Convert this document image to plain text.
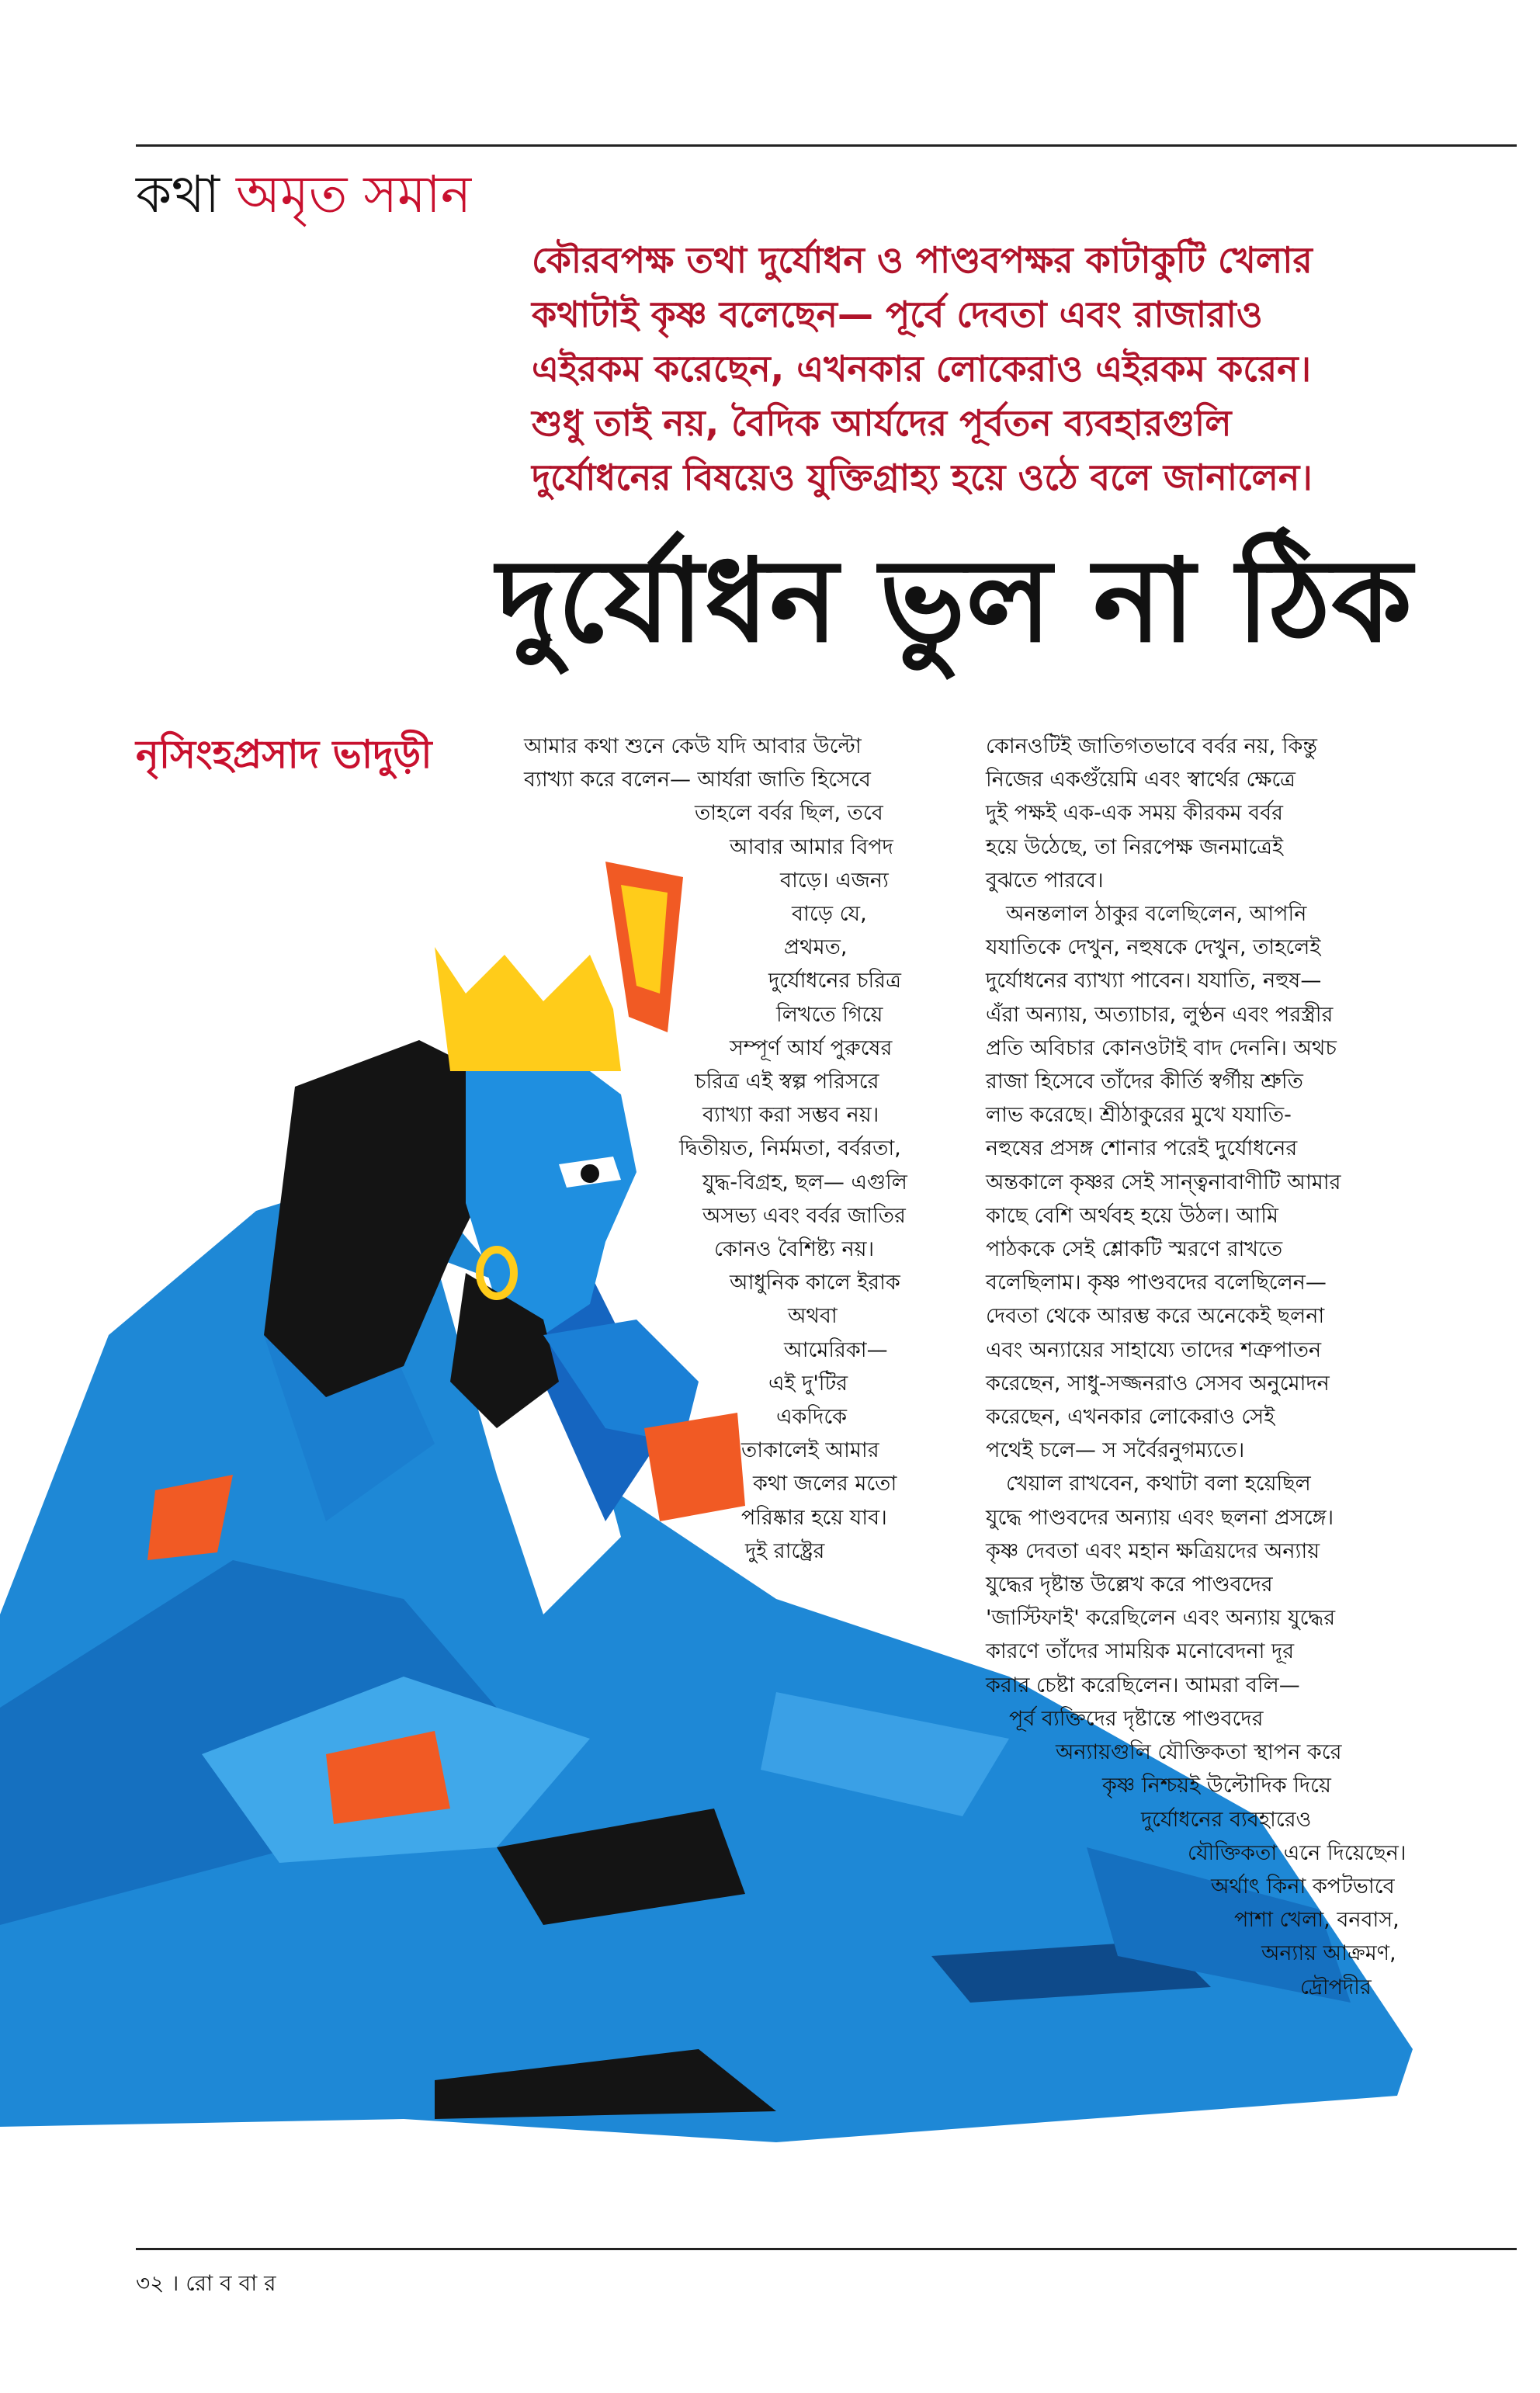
কথা অমৃত সমান

কৌরবপক্ষ তথা দুর্যোধন ও পাণ্ডবপক্ষর কাটাকুটি খেলার
কথাটাই কৃষ্ণ বলেছেন— পূর্বে দেবতা এবং রাজারাও
এইরকম করেছেন, এখনকার লোকেরাও এইরকম করেন।
শুধু তাই নয়, বৈদিক আর্যদের পূর্বতন ব্যবহারগুলি
দুর্যোধনের বিষয়েও যুক্তিগ্রাহ্য হয়ে ওঠে বলে জানালেন।

দুর্যোধন ভুল না ঠিক
নৃসিংহপ্রসাদ ভাদুড়ী	আমার কথা শুনে কেউ যদি আবার উল্টো
ব্যাখ্যা করে বলেন— আর্যরা জাতি হিসেবে
তাহলে বর্বর ছিল, তবে
আবার আমার বিপদ
বাড়ে। এজন্য
বাড়ে যে,
প্রথমত,
দুর্যোধনের চরিত্র
লিখতে গিয়ে
সম্পূর্ণ আর্য পুরুষের
চরিত্র এই স্বল্প পরিসরে
ব্যাখ্যা করা সম্ভব নয়।
দ্বিতীয়ত, নির্মমতা, বর্বরতা,
যুদ্ধ-বিগ্রহ, ছল— এগুলি
অসভ্য এবং বর্বর জাতির
কোনও বৈশিষ্ট্য নয়।
আধুনিক কালে ইরাক
অথবা
আমেরিকা—
এই দু'টির
একদিকে
তাকালেই আমার
কথা জলের মতো
পরিষ্কার হয়ে যাব।
দুই রাষ্ট্রের

কোনওটিই জাতিগতভাবে বর্বর নয়, কিন্তু
নিজের একগুঁয়েমি এবং স্বার্থের ক্ষেত্রে
দুই পক্ষই এক-এক সময় কীরকম বর্বর
হয়ে উঠেছে, তা নিরপেক্ষ জনমাত্রেই
বুঝতে পারবে।
অনন্তলাল ঠাকুর বলেছিলেন, আপনি
যযাতিকে দেখুন, নহুষকে দেখুন, তাহলেই
দুর্যোধনের ব্যাখ্যা পাবেন। যযাতি, নহুষ—
এঁরা অন্যায়, অত্যাচার, লুণ্ঠন এবং পরস্ত্রীর
প্রতি অবিচার কোনওটাই বাদ দেননি। অথচ
রাজা হিসেবে তাঁদের কীর্তি স্বর্গীয় শ্রুতি
লাভ করেছে। শ্রীঠাকুরের মুখে যযাতি-
নহুষের প্রসঙ্গ শোনার পরেই দুর্যোধনের
অন্তকালে কৃষ্ণর সেই সান্ত্বনাবাণীটি আমার
কাছে বেশি অর্থবহ হয়ে উঠল। আমি
পাঠককে সেই শ্লোকটি স্মরণে রাখতে
বলেছিলাম। কৃষ্ণ পাণ্ডবদের বলেছিলেন—
দেবতা থেকে আরম্ভ করে অনেকেই ছলনা
এবং অন্যায়ের সাহায্যে তাদের শত্রুপাতন
করেছেন, সাধু-সজ্জনরাও সেসব অনুমোদন
করেছেন, এখনকার লোকেরাও সেই
পথেই চলে— স সর্বৈরনুগম্যতে।
খেয়াল রাখবেন, কথাটা বলা হয়েছিল
যুদ্ধে পাণ্ডবদের অন্যায় এবং ছলনা প্রসঙ্গে।
কৃষ্ণ দেবতা এবং মহান ক্ষত্রিয়দের অন্যায়
যুদ্ধের দৃষ্টান্ত উল্লেখ করে পাণ্ডবদের
'জাস্টিফাই' করেছিলেন এবং অন্যায় যুদ্ধের
কারণে তাঁদের সাময়িক মনোবেদনা দূর
করার চেষ্টা করেছিলেন। আমরা বলি—
পূর্ব ব্যক্তিদের দৃষ্টান্তে পাণ্ডবদের
অন্যায়গুলি যৌক্তিকতা স্থাপন করে
কৃষ্ণ নিশ্চয়ই উল্টোদিক দিয়ে
দুর্যোধনের ব্যবহারেও
যৌক্তিকতা এনে দিয়েছেন।
অর্থাৎ কিনা কপটভাবে
পাশা খেলা, বনবাস,
অন্যায় আক্রমণ,
দ্রৌপদীর

৩২ । রো ব বা র
